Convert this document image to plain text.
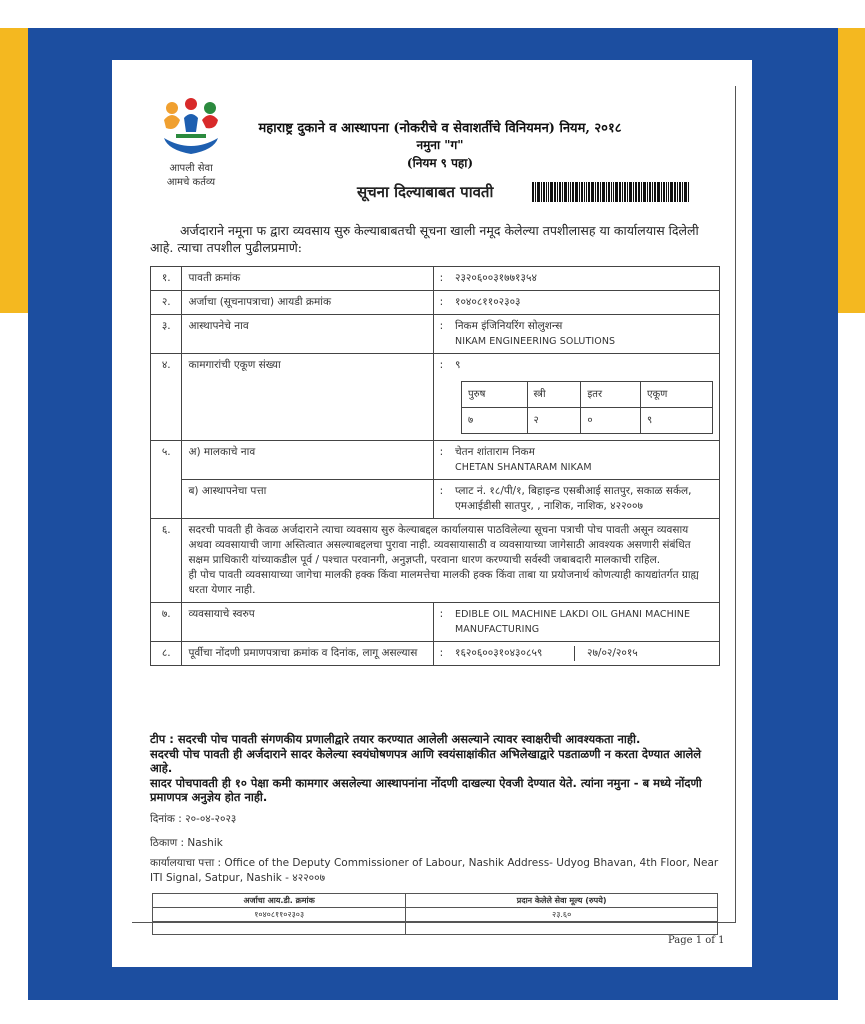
आपली सेवा
आमचे कर्तव्य
महाराष्ट्र दुकाने व आस्थापना (नोकरीचे व सेवाशर्तीचे विनियमन) नियम, २०१८
नमुना "ग"
(नियम ९ पहा)
सूचना दिल्याबाबत पावती
अर्जदाराने नमूना फ द्वारा व्यवसाय सुरु केल्याबाबतची सूचना खाली नमूद केलेल्या तपशीलासह या कार्यालयास दिलेली आहे. त्याचा तपशील पुढीलप्रमाणे:
१.	पावती क्रमांक	:	२३२०६००३१७७१३५४
२.	अर्जाचा (सूचनापत्राचा) आयडी क्रमांक	:	१०४०८११०२३०३
३.	आस्थापनेचे नाव	:	निकम इंजिनियरिंग सोलुशन्स
NIKAM ENGINEERING SOLUTIONS

४.	कामगारांची एकूण संख्या	:	९
पुरुष	स्त्री	इतर	एकूण
७	२	०	९

५.	अ) मालकाचे नाव	:	चेतन शांताराम निकम
CHETAN SHANTARAM NIKAM

ब) आस्थापनेचा पत्ता	:	प्लाट नं. १८/पी/१, बिहाइन्ड एसबीआई सातपुर, सकाळ सर्कल, एमआईडीसी सातपुर, , नाशिक, नाशिक, ४२२००७
६.	सदरची पावती ही केवळ अर्जदाराने त्याचा व्यवसाय सुरु केल्याबद्दल कार्यालयास पाठविलेल्या सूचना पत्राची पोच पावती असून व्यवसाय अथवा व्यवसायाची जागा अस्तित्वात असल्याबद्दलचा पुरावा नाही. व्यवसायासाठी व व्यवसायाच्या जागेसाठी आवश्यक असणारी संबंधित सक्षम प्राधिकारी यांच्याकडील पूर्व / पश्चात परवानगी, अनुज्ञप्ती, परवाना धारण करण्याची सर्वस्वी जबाबदारी मालकाची राहिल.
ही पोच पावती व्यवसायाच्या जागेचा मालकी हक्क किंवा मालमत्तेचा मालकी हक्क किंवा ताबा या प्रयोजनार्थ कोणत्याही कायद्यांतर्गत ग्राह्य धरता येणार नाही.

७.	व्यवसायाचे स्वरुप	:	EDIBLE OIL MACHINE LAKDI OIL GHANI MACHINE MANUFACTURING
८.	पूर्वीचा नोंदणी प्रमाणपत्राचा क्रमांक व दिनांक, लागू असल्यास	:	१६२०६००३१०४३०८५९	२७/०२/२०१५
टीप : सदरची पोच पावती संगणकीय प्रणालीद्वारे तयार करण्यात आलेली असल्याने त्यावर स्वाक्षरीची आवश्यकता नाही.
सदरची पोच पावती ही अर्जदाराने सादर केलेल्या स्वयंघोषणपत्र आणि स्वयंसाक्षांकीत अभिलेखाद्वारे पडताळणी न करता देण्यात आलेले आहे.
सादर पोचपावती ही १० पेक्षा कमी कामगार असलेल्या आस्थापनांना नोंदणी दाखल्या ऐवजी देण्यात येते. त्यांना नमुना - ब मध्ये नोंदणी प्रमाणपत्र अनुज्ञेय होत नाही.
दिनांक : २०-०४-२०२३
ठिकाण : Nashik
कार्यालयाचा पत्ता : Office of the Deputy Commissioner of Labour, Nashik Address- Udyog Bhavan, 4th Floor, Near ITI Signal, Satpur, Nashik - ४२२००७
अर्जाचा आय.डी. क्रमांक	प्रदान केलेले सेवा मूल्य (रुपये)
१०४०८११०२३०३	२३.६०

Page 1 of 1
